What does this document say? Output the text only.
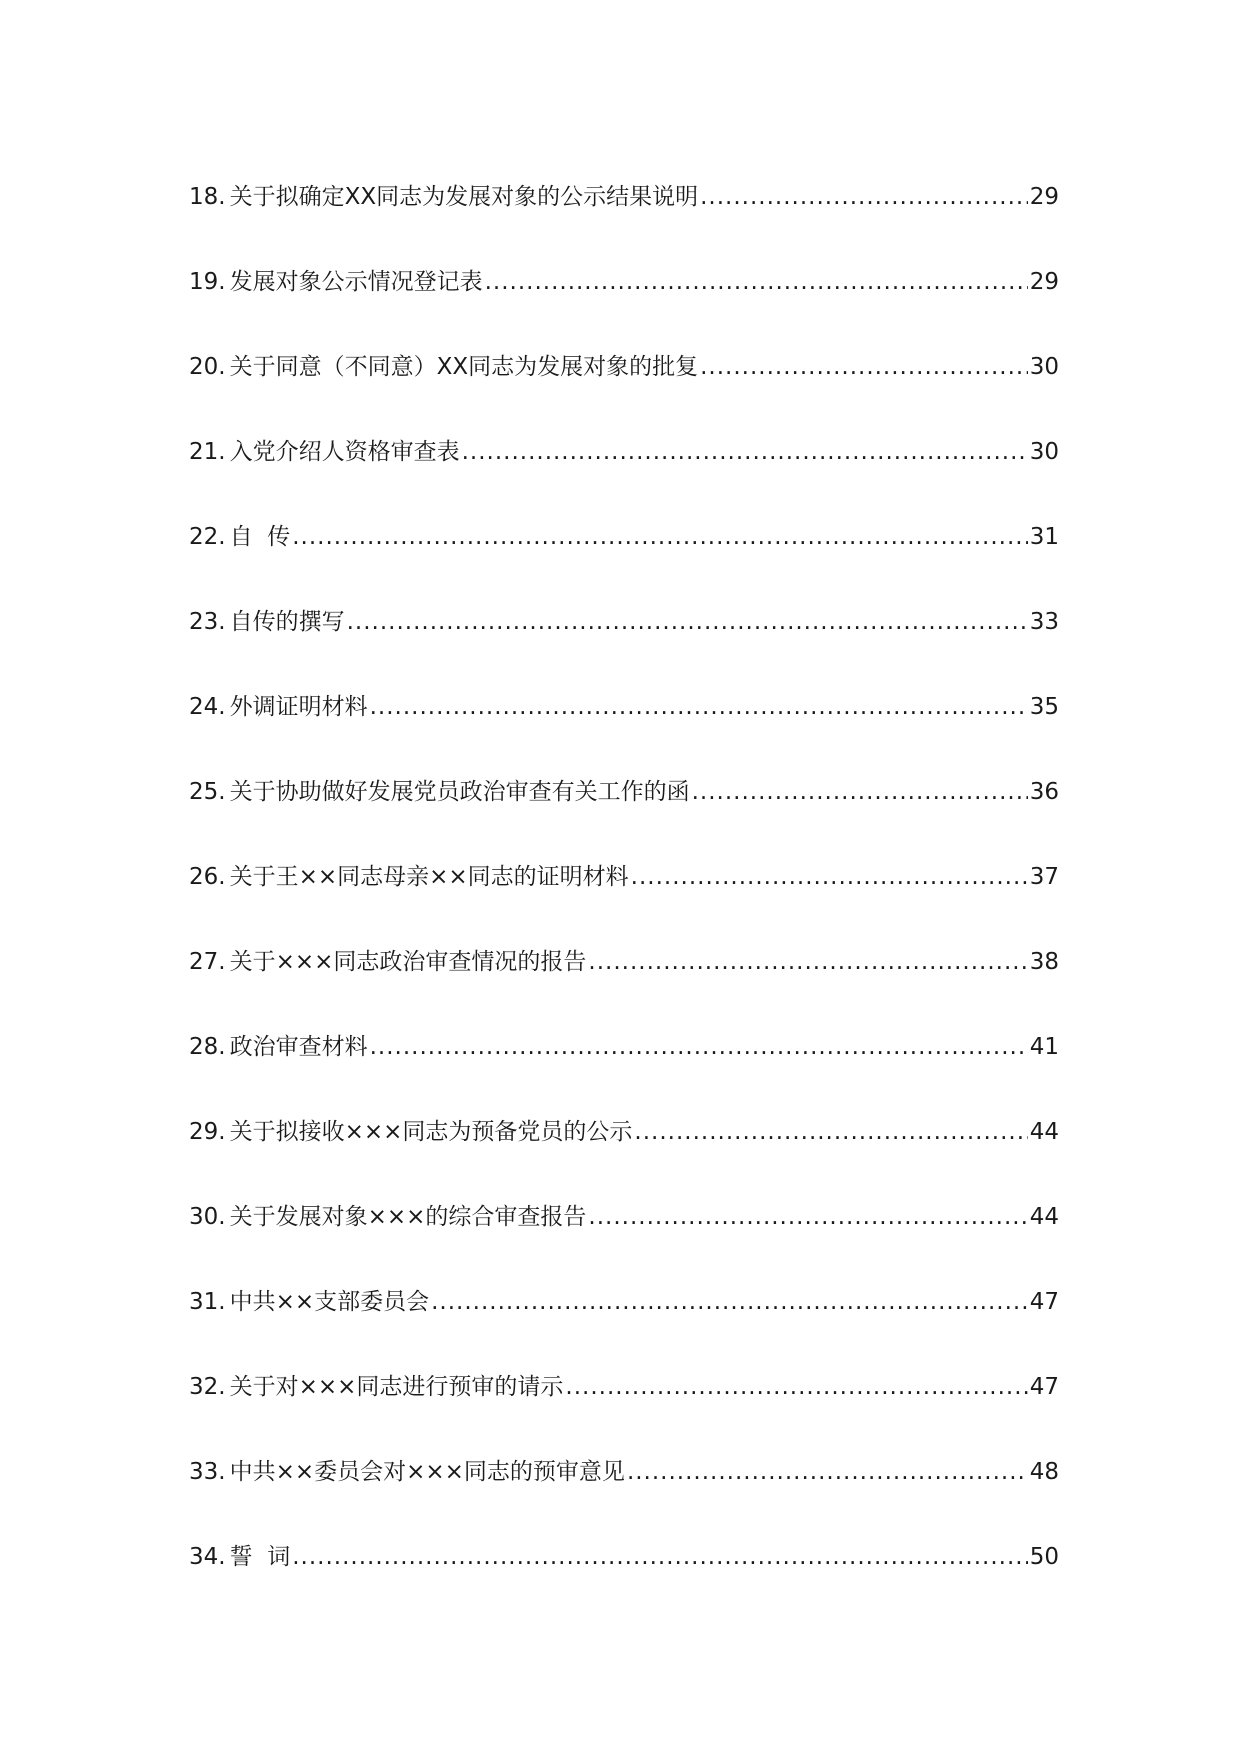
18. 关于拟确定XX同志为发展对象的公示结果说明 .....	29
19. 发展对象公示情况登记表 .....	29
20. 关于同意（不同意）XX同志为发展对象的批复 .....	30
21. 入党介绍人资格审查表 .....	30
22. 自  传 .....	31
23. 自传的撰写 .....	33
24. 外调证明材料 .....	35
25. 关于协助做好发展党员政治审查有关工作的函 .....	36
26. 关于王××同志母亲××同志的证明材料 .....	37
27. 关于×××同志政治审查情况的报告 .....	38
28. 政治审查材料 .....	41
29. 关于拟接收×××同志为预备党员的公示 .....	44
30. 关于发展对象×××的综合审查报告 .....	44
31. 中共××支部委员会 .....	47
32. 关于对×××同志进行预审的请示 .....	47
33. 中共××委员会对×××同志的预审意见 .....	48
34. 誓  词 .....	50
